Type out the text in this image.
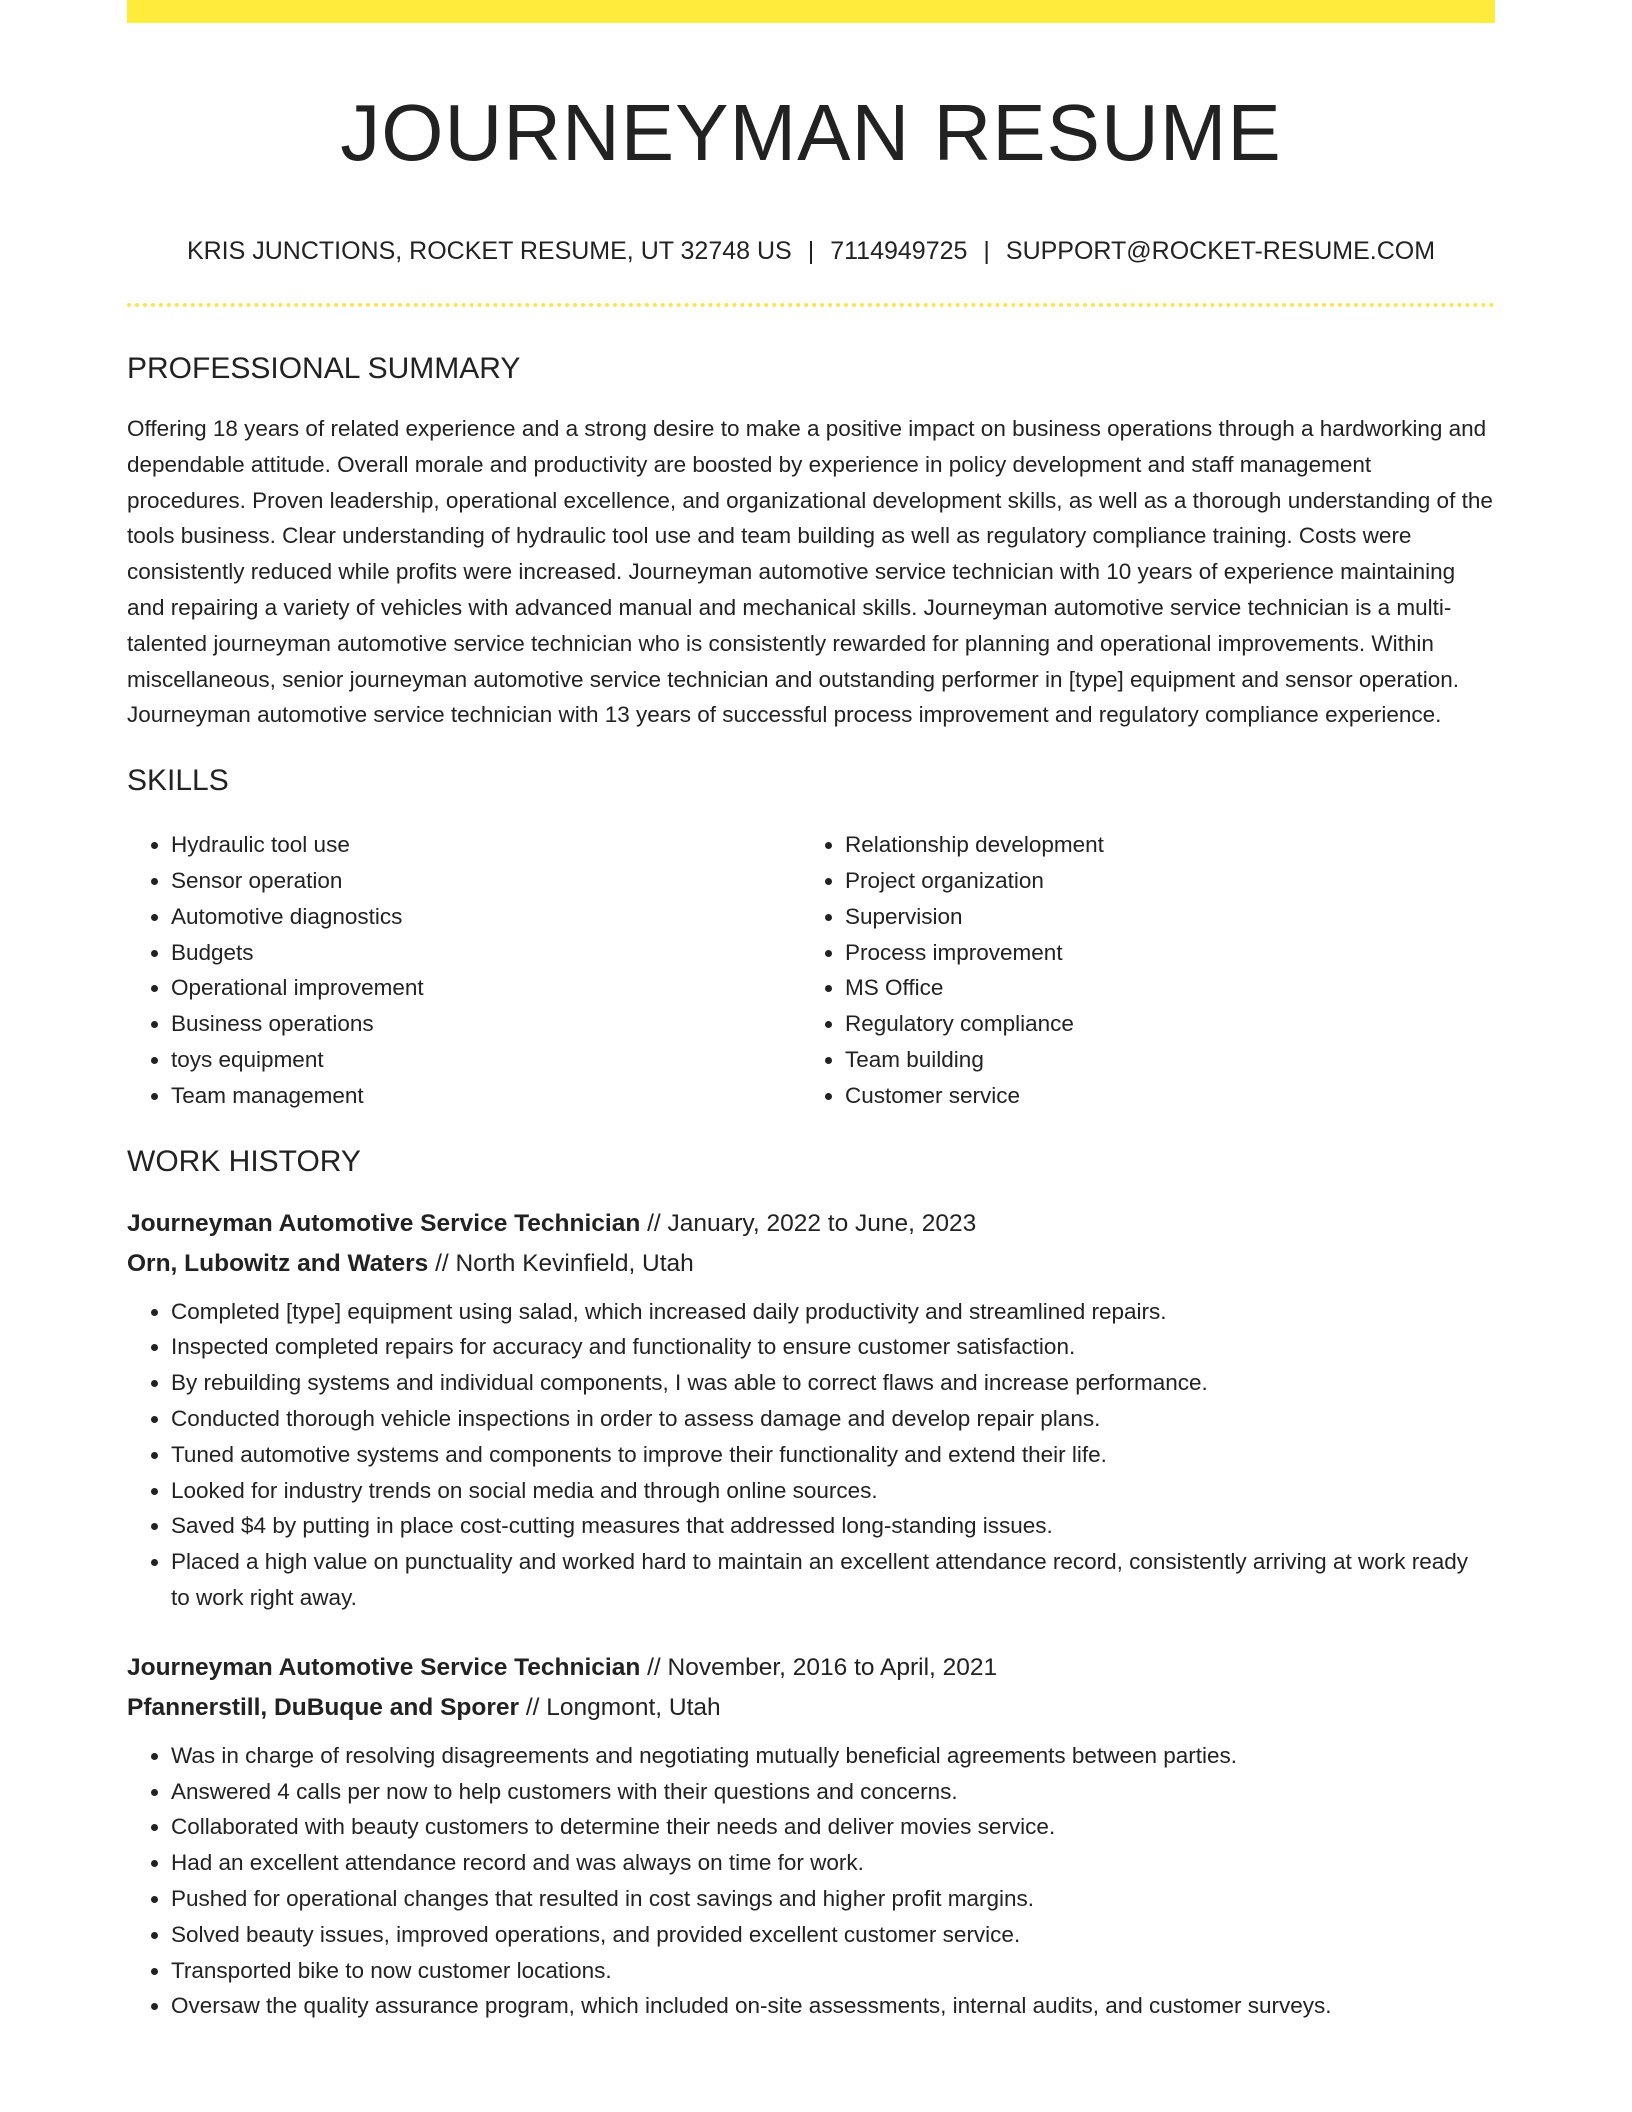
JOURNEYMAN RESUME
KRIS JUNCTIONS, ROCKET RESUME, UT 32748 US | 7114949725 | SUPPORT@ROCKET-RESUME.COM
PROFESSIONAL SUMMARY

Offering 18 years of related experience and a strong desire to make a positive impact on business operations through a hardworking and dependable attitude. Overall morale and productivity are boosted by experience in policy development and staff management procedures. Proven leadership, operational excellence, and organizational development skills, as well as a thorough understanding of the tools business. Clear understanding of hydraulic tool use and team building as well as regulatory compliance training. Costs were consistently reduced while profits were increased. Journeyman automotive service technician with 10 years of experience maintaining and repairing a variety of vehicles with advanced manual and mechanical skills. Journeyman automotive service technician is a multi-talented journeyman automotive service technician who is consistently rewarded for planning and operational improvements. Within miscellaneous, senior journeyman automotive service technician and outstanding performer in [type] equipment and sensor operation. Journeyman automotive service technician with 13 years of successful process improvement and regulatory compliance experience.

SKILLS
• Hydraulic tool use
• Sensor operation
• Automotive diagnostics
• Budgets
• Operational improvement
• Business operations
• toys equipment
• Team management
• Relationship development
• Project organization
• Supervision
• Process improvement
• MS Office
• Regulatory compliance
• Team building
• Customer service
WORK HISTORY
Journeyman Automotive Service Technician // January, 2022 to June, 2023
Orn, Lubowitz and Waters // North Kevinfield, Utah
• Completed [type] equipment using salad, which increased daily productivity and streamlined repairs.
• Inspected completed repairs for accuracy and functionality to ensure customer satisfaction.
• By rebuilding systems and individual components, I was able to correct flaws and increase performance.
• Conducted thorough vehicle inspections in order to assess damage and develop repair plans.
• Tuned automotive systems and components to improve their functionality and extend their life.
• Looked for industry trends on social media and through online sources.
• Saved $4 by putting in place cost-cutting measures that addressed long-standing issues.
• Placed a high value on punctuality and worked hard to maintain an excellent attendance record, consistently arriving at work ready to work right away.
Journeyman Automotive Service Technician // November, 2016 to April, 2021
Pfannerstill, DuBuque and Sporer // Longmont, Utah
• Was in charge of resolving disagreements and negotiating mutually beneficial agreements between parties.
• Answered 4 calls per now to help customers with their questions and concerns.
• Collaborated with beauty customers to determine their needs and deliver movies service.
• Had an excellent attendance record and was always on time for work.
• Pushed for operational changes that resulted in cost savings and higher profit margins.
• Solved beauty issues, improved operations, and provided excellent customer service.
• Transported bike to now customer locations.
• Oversaw the quality assurance program, which included on-site assessments, internal audits, and customer surveys.
